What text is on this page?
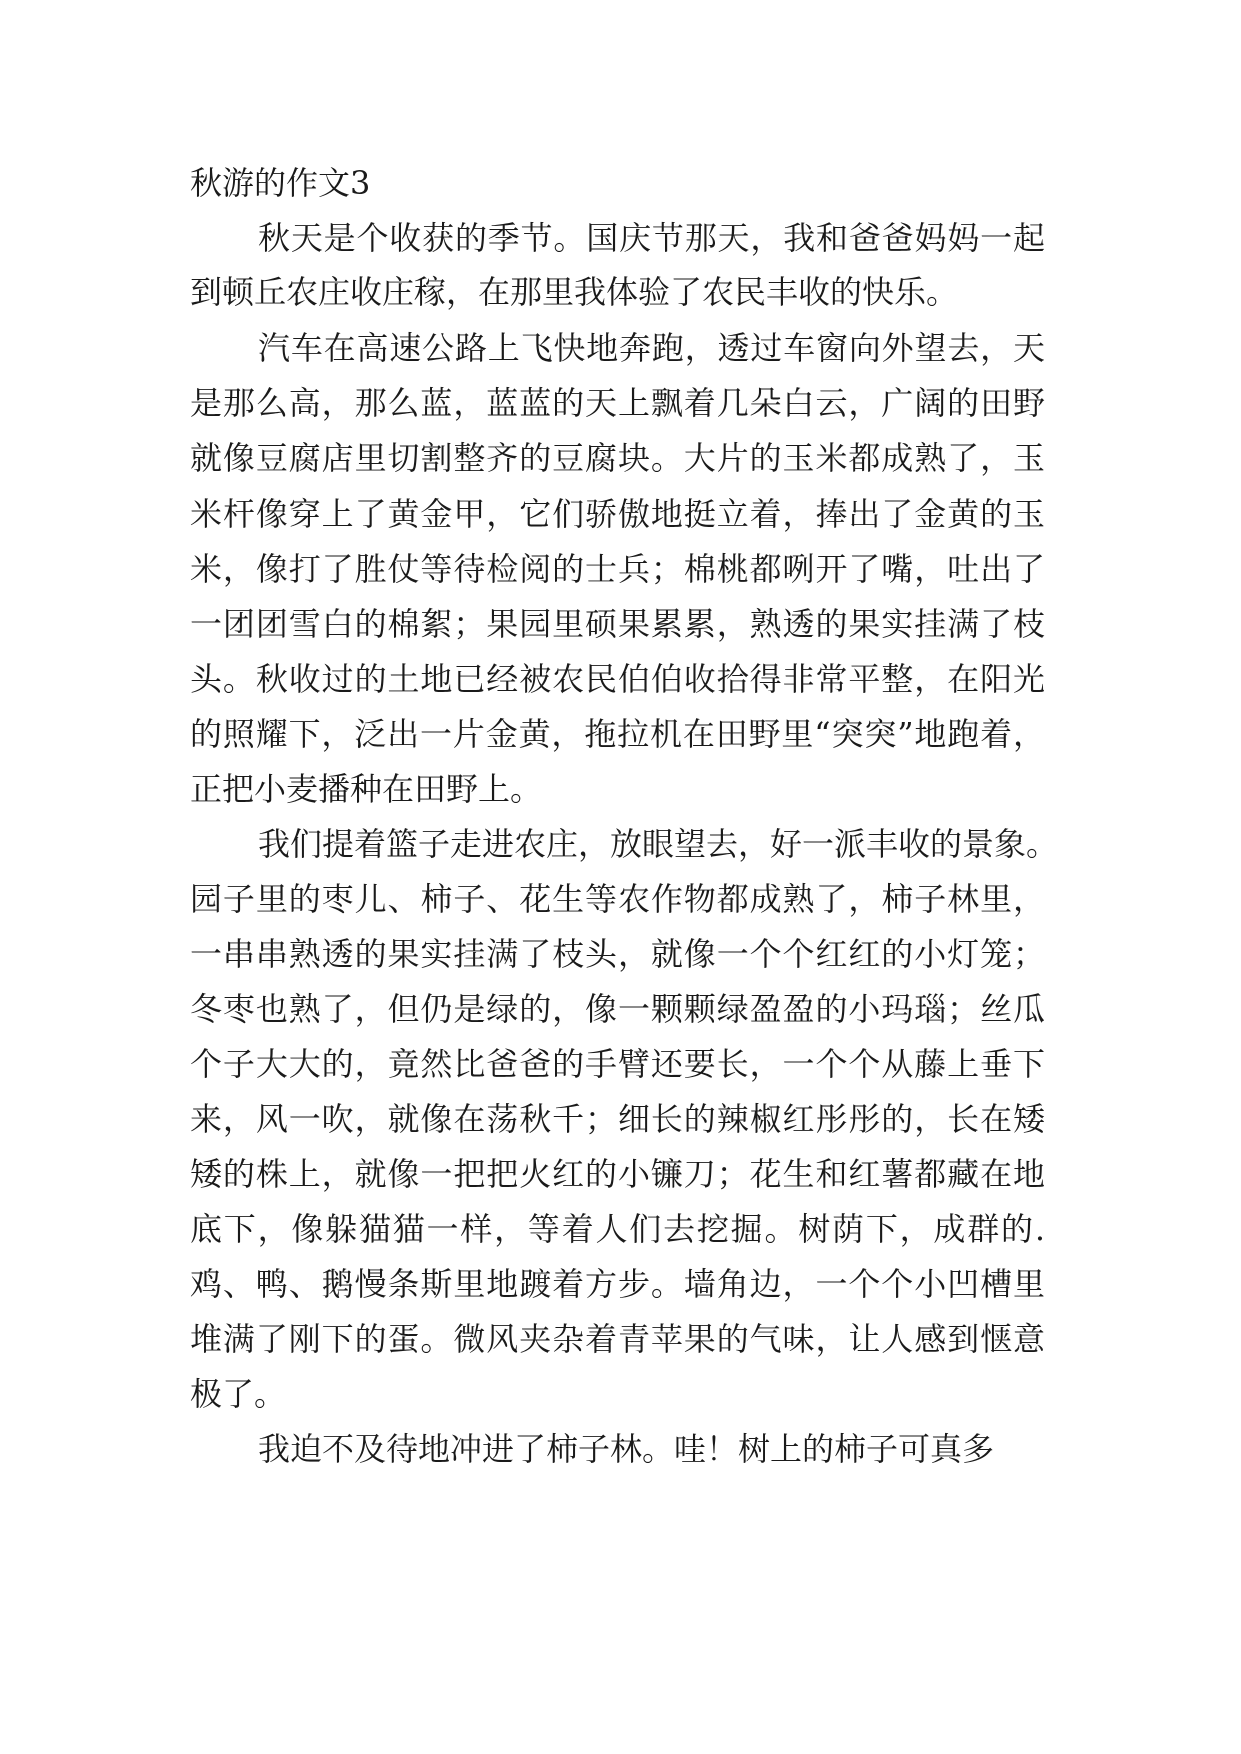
秋游的作文3

秋天是个收获的季节。国庆节那天，我和爸爸妈妈一起

到顿丘农庄收庄稼，在那里我体验了农民丰收的快乐。

汽车在高速公路上飞快地奔跑，透过车窗向外望去，天

是那么高，那么蓝，蓝蓝的天上飘着几朵白云，广阔的田野

就像豆腐店里切割整齐的豆腐块。大片的玉米都成熟了，玉

米杆像穿上了黄金甲，它们骄傲地挺立着，捧出了金黄的玉

米，像打了胜仗等待检阅的士兵；棉桃都咧开了嘴，吐出了

一团团雪白的棉絮；果园里硕果累累，熟透的果实挂满了枝

头。秋收过的土地已经被农民伯伯收拾得非常平整，在阳光

的照耀下，泛出一片金黄，拖拉机在田野里“突突”地跑着，

正把小麦播种在田野上。

我们提着篮子走进农庄，放眼望去，好一派丰收的景象。

园子里的枣儿、柿子、花生等农作物都成熟了，柿子林里，

一串串熟透的果实挂满了枝头，就像一个个红红的小灯笼；

冬枣也熟了，但仍是绿的，像一颗颗绿盈盈的小玛瑙；丝瓜

个子大大的，竟然比爸爸的手臂还要长，一个个从藤上垂下

来，风一吹，就像在荡秋千；细长的辣椒红彤彤的，长在矮

矮的株上，就像一把把火红的小镰刀；花生和红薯都藏在地

底下，像躲猫猫一样，等着人们去挖掘。树荫下，成群的.

鸡、鸭、鹅慢条斯里地踱着方步。墙角边，一个个小凹槽里

堆满了刚下的蛋。微风夹杂着青苹果的气味，让人感到惬意

极了。

我迫不及待地冲进了柿子林。哇！树上的柿子可真多
